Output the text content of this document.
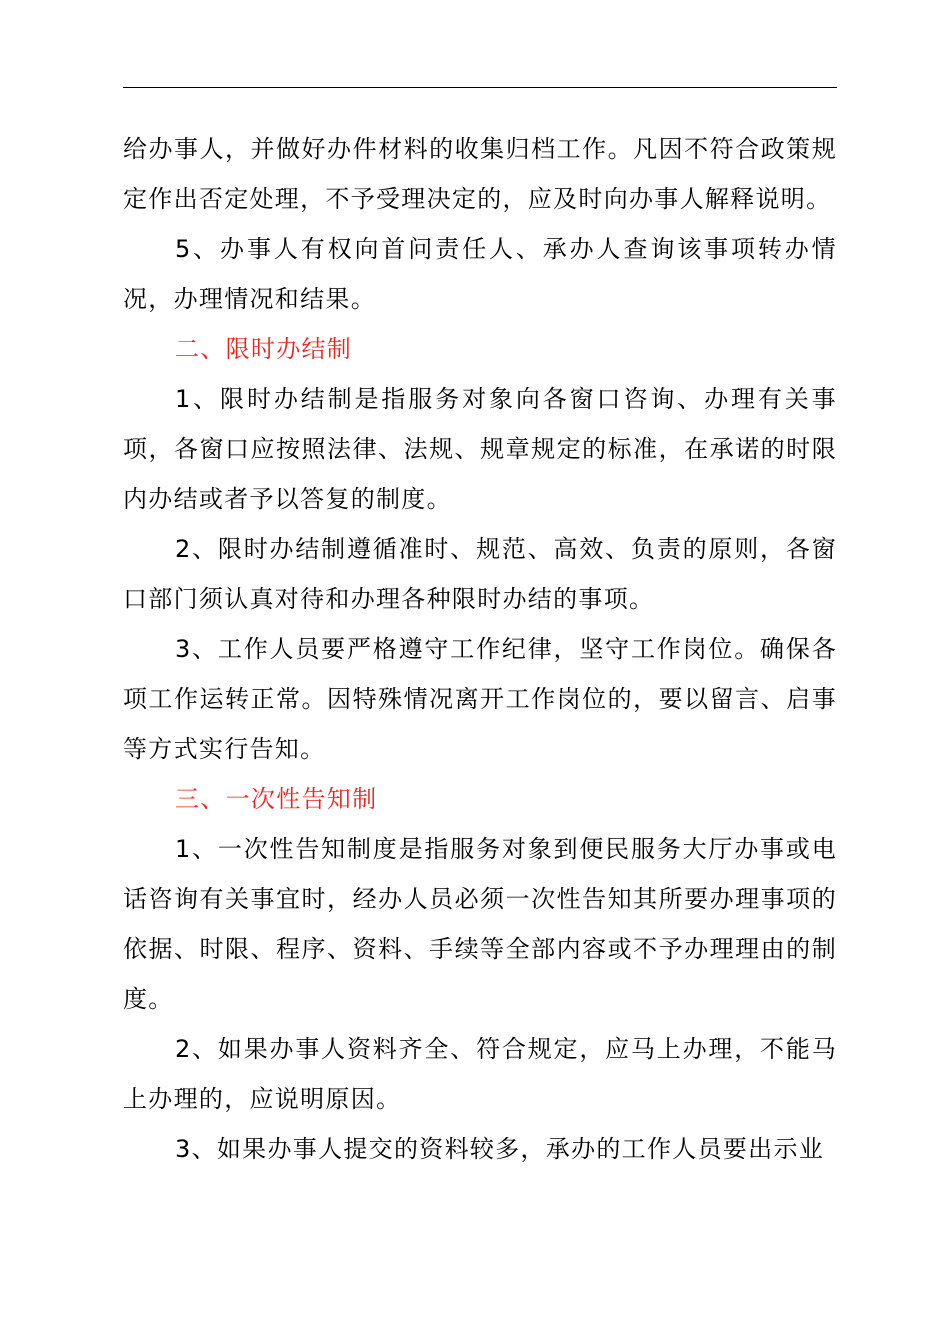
给办事人，并做好办件材料的收集归档工作。凡因不符合政策规定作出否定处理，不予受理决定的，应及时向办事人解释说明。

5、办事人有权向首问责任人、承办人查询该事项转办情况，办理情况和结果。

二、限时办结制

1、限时办结制是指服务对象向各窗口咨询、办理有关事项，各窗口应按照法律、法规、规章规定的标准，在承诺的时限内办结或者予以答复的制度。

2、限时办结制遵循准时、规范、高效、负责的原则，各窗口部门须认真对待和办理各种限时办结的事项。

3、工作人员要严格遵守工作纪律，坚守工作岗位。确保各项工作运转正常。因特殊情况离开工作岗位的，要以留言、启事等方式实行告知。

三、一次性告知制

1、一次性告知制度是指服务对象到便民服务大厅办事或电话咨询有关事宜时，经办人员必须一次性告知其所要办理事项的依据、时限、程序、资料、手续等全部内容或不予办理理由的制度。

2、如果办事人资料齐全、符合规定，应马上办理，不能马上办理的，应说明原因。

3、如果办事人提交的资料较多，承办的工作人员要出示业
